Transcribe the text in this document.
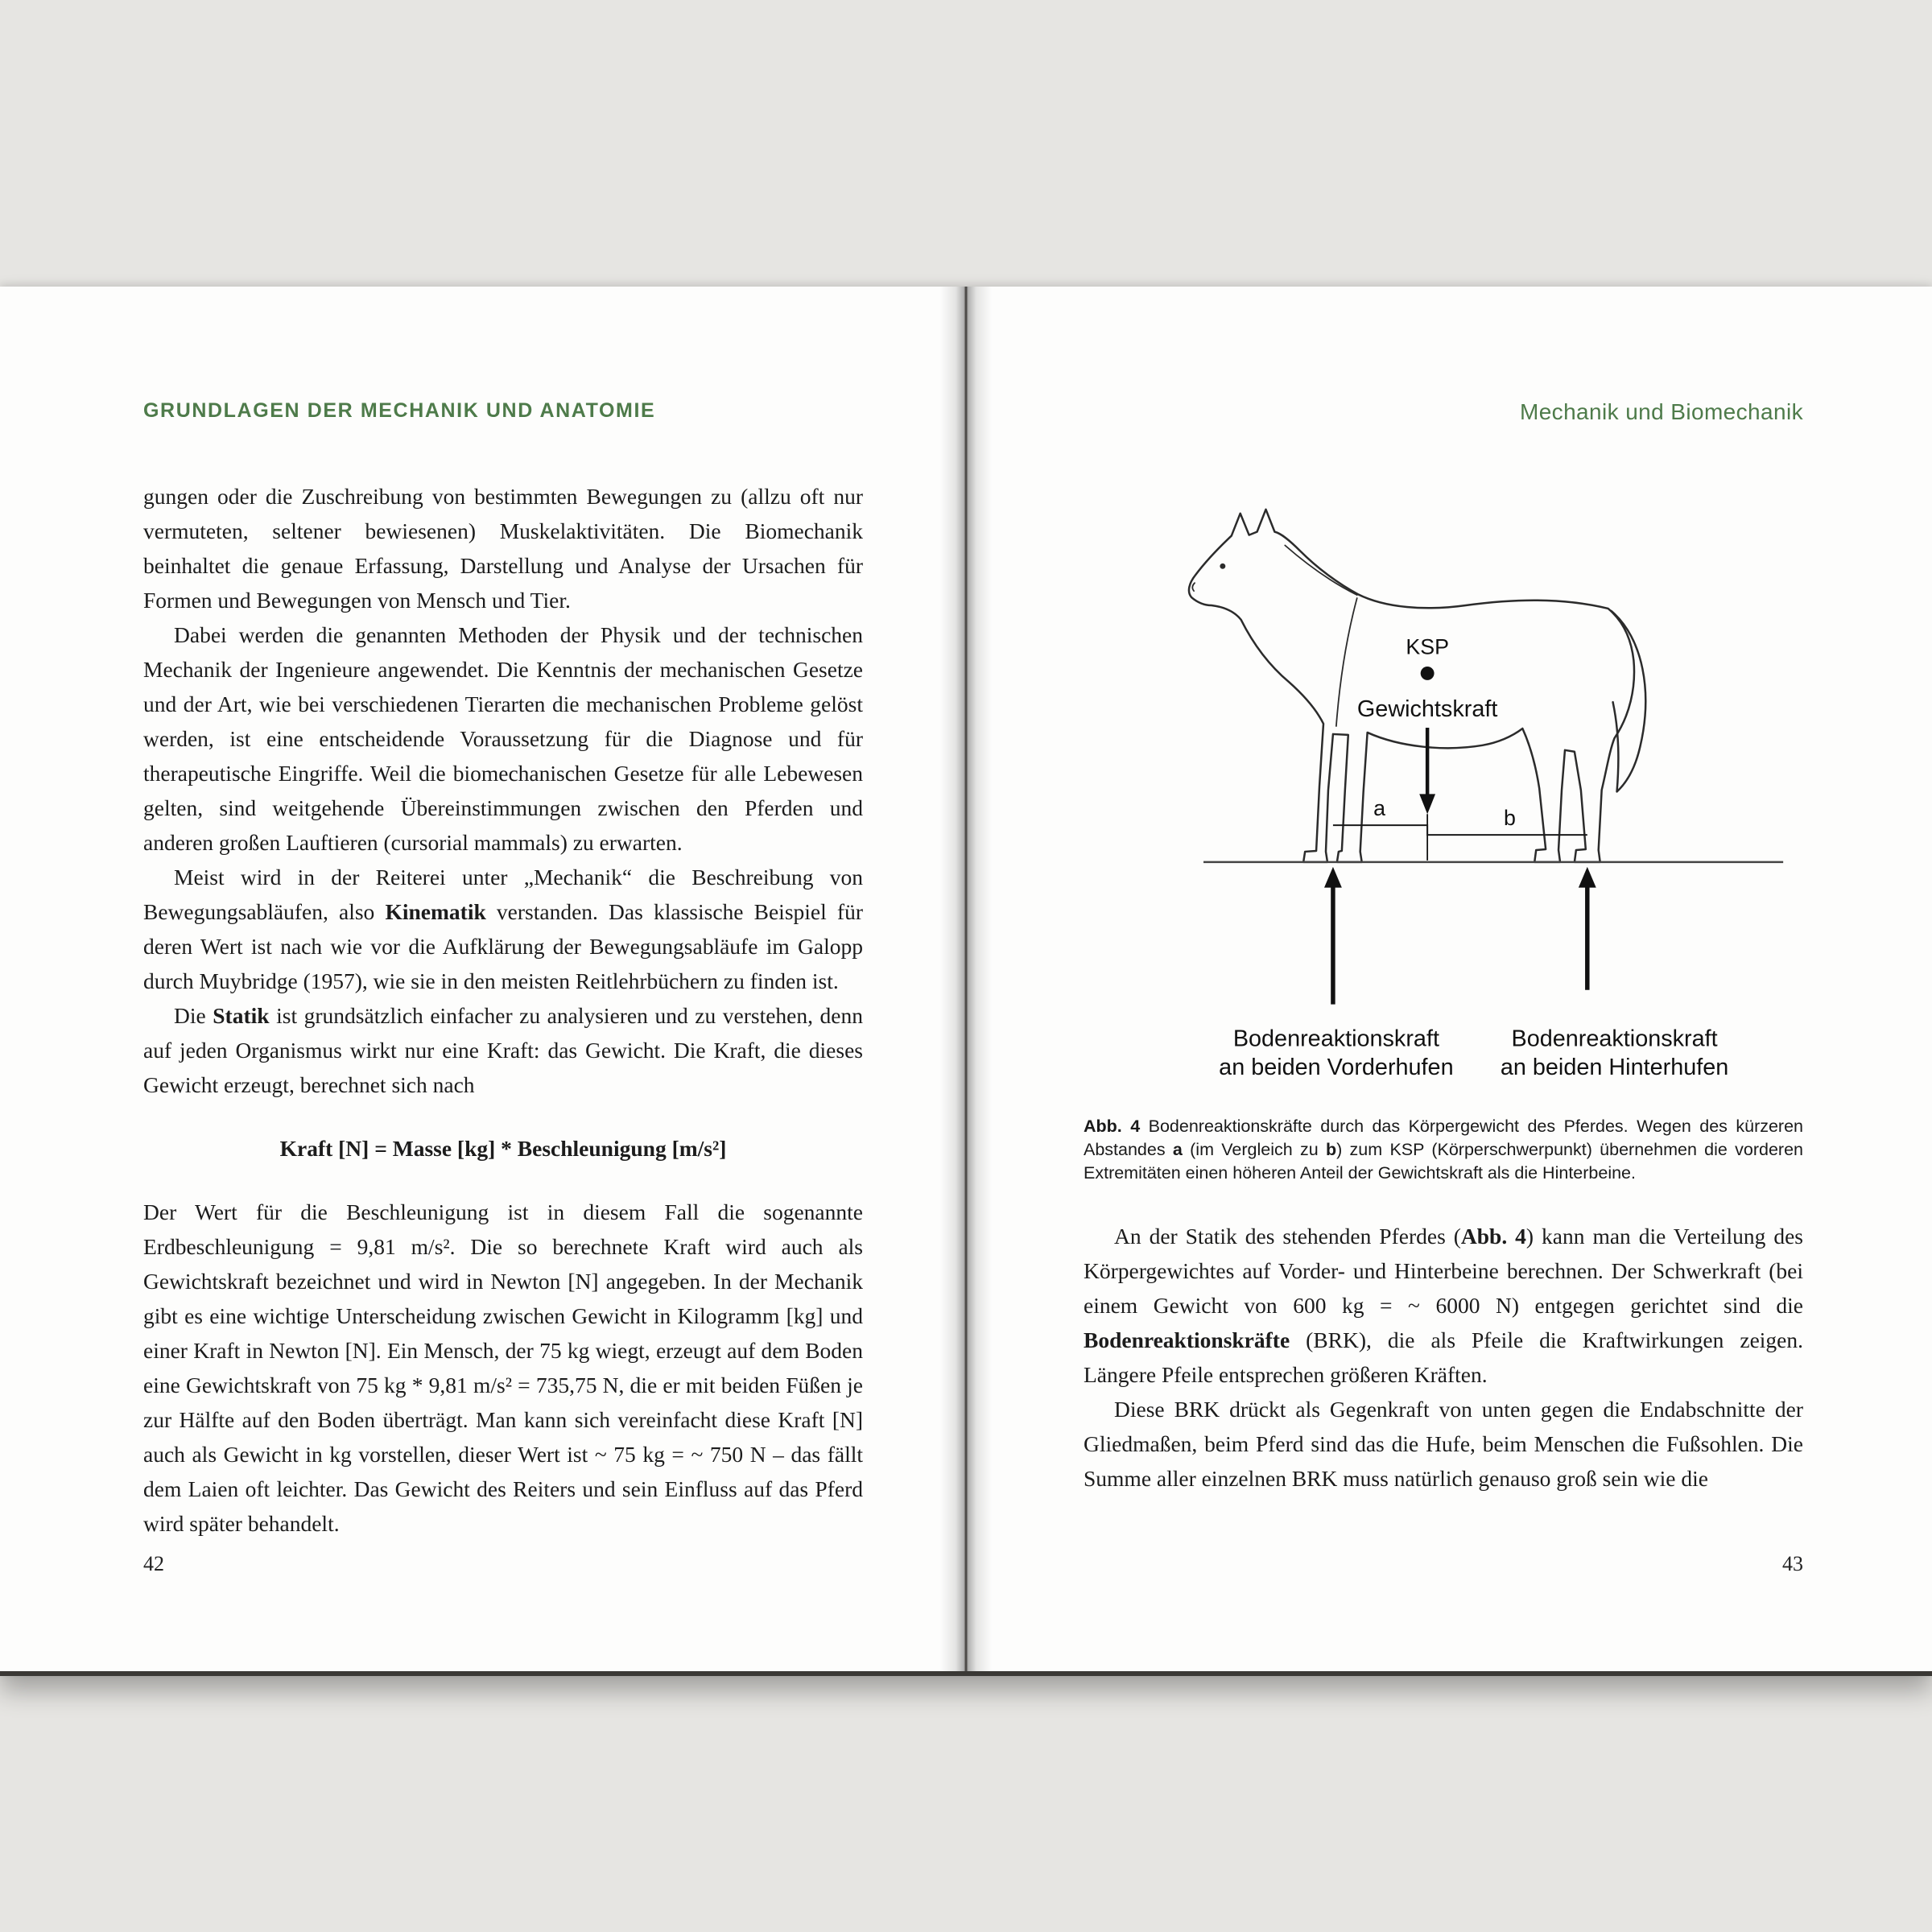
GRUNDLAGEN DER MECHANIK UND ANATOMIE

gungen oder die Zuschreibung von bestimmten Bewegungen zu (allzu oft nur vermuteten, seltener bewiesenen) Muskelaktivitäten. Die Biomechanik beinhaltet die genaue Erfassung, Darstellung und Analyse der Ursachen für Formen und Bewegungen von Mensch und Tier.

Dabei werden die genannten Methoden der Physik und der technischen Mechanik der Ingenieure angewendet. Die Kenntnis der mechanischen Gesetze und der Art, wie bei verschiedenen Tierarten die mechanischen Probleme gelöst werden, ist eine entscheidende Voraussetzung für die Diagnose und für therapeutische Eingriffe. Weil die biomechanischen Gesetze für alle Lebewesen gelten, sind weitgehende Übereinstimmungen zwischen den Pferden und anderen großen Lauftieren (cursorial mammals) zu erwarten.

Meist wird in der Reiterei unter „Mechanik“ die Beschreibung von Bewegungsabläufen, also Kinematik verstanden. Das klassische Beispiel für deren Wert ist nach wie vor die Aufklärung der Bewegungsabläufe im Galopp durch Muybridge (1957), wie sie in den meisten Reitlehrbüchern zu finden ist.

Die Statik ist grundsätzlich einfacher zu analysieren und zu verstehen, denn auf jeden Organismus wirkt nur eine Kraft: das Gewicht. Die Kraft, die dieses Gewicht erzeugt, berechnet sich nach

Kraft [N] = Masse [kg] * Beschleunigung [m/s²]

Der Wert für die Beschleunigung ist in diesem Fall die sogenannte Erdbeschleunigung = 9,81 m/s². Die so berechnete Kraft wird auch als Gewichtskraft bezeichnet und wird in Newton [N] angegeben. In der Mechanik gibt es eine wichtige Unterscheidung zwischen Gewicht in Kilogramm [kg] und einer Kraft in Newton [N]. Ein Mensch, der 75 kg wiegt, erzeugt auf dem Boden eine Gewichtskraft von 75 kg * 9,81 m/s² = 735,75 N, die er mit beiden Füßen je zur Hälfte auf den Boden überträgt. Man kann sich vereinfacht diese Kraft [N] auch als Gewicht in kg vorstellen, dieser Wert ist ~ 75 kg = ~ 750 N – das fällt dem Laien oft leichter. Das Gewicht des Reiters und sein Einfluss auf das Pferd wird später behandelt.

42
Mechanik und Biomechanik
KSP
Gewichtskraft
a	b
Bodenreaktionskraft
an beiden Vorderhufen
Bodenreaktionskraft
an beiden Hinterhufen

Abb. 4 Bodenreaktionskräfte durch das Körpergewicht des Pferdes. Wegen des kürzeren Abstandes a (im Vergleich zu b) zum KSP (Körperschwerpunkt) übernehmen die vorderen Extremitäten einen höheren Anteil der Gewichtskraft als die Hinterbeine.

An der Statik des stehenden Pferdes (Abb. 4) kann man die Verteilung des Körpergewichtes auf Vorder- und Hinterbeine berechnen. Der Schwerkraft (bei einem Gewicht von 600 kg = ~ 6000 N) entgegen gerichtet sind die Bodenreaktionskräfte (BRK), die als Pfeile die Kraftwirkungen zeigen. Längere Pfeile entsprechen größeren Kräften.

Diese BRK drückt als Gegenkraft von unten gegen die Endabschnitte der Gliedmaßen, beim Pferd sind das die Hufe, beim Menschen die Fußsohlen. Die Summe aller einzelnen BRK muss natürlich genauso groß sein wie die

43
